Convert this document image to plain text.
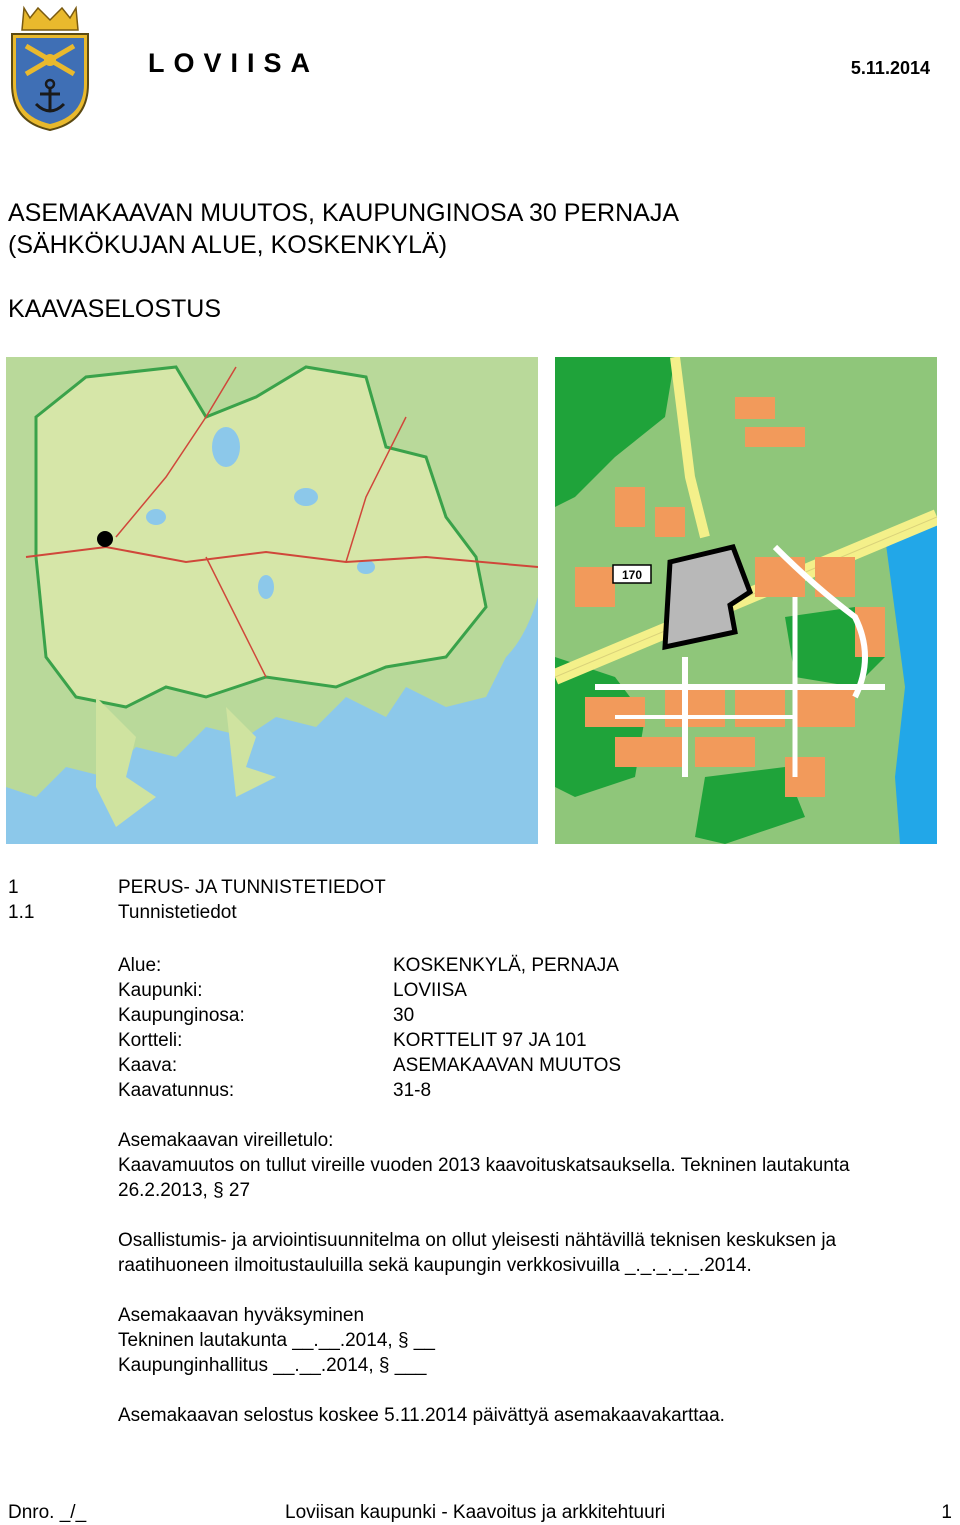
LOVIISA	5.11.2014
ASEMAKAAVAN MUUTOS, KAUPUNGINOSA 30 PERNAJA
(SÄHKÖKUJAN ALUE, KOSKENKYLÄ)
KAAVASELOSTUS
170
1	PERUS- JA TUNNISTETIEDOT
1.1	Tunnistetiedot
Alue:	KOSKENKYLÄ, PERNAJA
Kaupunki:	LOVIISA
Kaupunginosa:	30
Kortteli:	KORTTELIT 97 JA 101
Kaava:	ASEMAKAAVAN MUUTOS
Kaavatunnus:	31-8
Asemakaavan vireilletulo:
Kaavamuutos on tullut vireille vuoden 2013 kaavoituskatsauksella. Tekninen lautakunta
26.2.2013, § 27
Osallistumis- ja arviointisuunnitelma on ollut yleisesti nähtävillä teknisen keskuksen ja
raatihuoneen ilmoitustauluilla sekä kaupungin verkkosivuilla _._._._._.2014.
Asemakaavan hyväksyminen
Tekninen lautakunta __.__.2014, § __
Kaupunginhallitus __.__.2014, § ___
Asemakaavan selostus koskee 5.11.2014 päivättyä asemakaavakarttaa.
Dnro. _/_	Loviisan kaupunki - Kaavoitus ja arkkitehtuuri	1
